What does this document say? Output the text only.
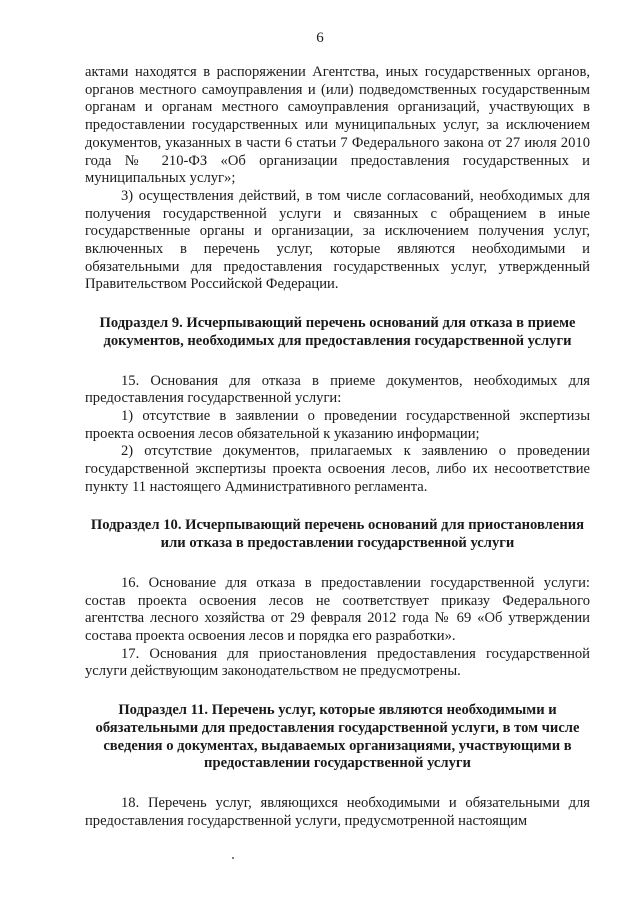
6

актами находятся в распоряжении Агентства, иных государственных органов, органов местного самоуправления и (или) подведомственных государственным органам и органам местного самоуправления организаций, участвующих в предоставлении государственных или муниципальных услуг, за исключением документов, указанных в части 6 статьи 7 Федерального закона от 27 июля 2010 года № 210-ФЗ «Об организации предоставления государственных и муниципальных услуг»;

3) осуществления действий, в том числе согласований, необходимых для получения государственной услуги и связанных с обращением в иные государственные органы и организации, за исключением получения услуг, включенных в перечень услуг, которые являются необходимыми и обязательными для предоставления государственных услуг, утвержденный Правительством Российской Федерации.

Подраздел 9. Исчерпывающий перечень оснований для отказа в приеме документов, необходимых для предоставления государственной услуги

15. Основания для отказа в приеме документов, необходимых для предоставления государственной услуги:

1) отсутствие в заявлении о проведении государственной экспертизы проекта освоения лесов обязательной к указанию информации;

2) отсутствие документов, прилагаемых к заявлению о проведении государственной экспертизы проекта освоения лесов, либо их несоответствие пункту 11 настоящего Административного регламента.

Подраздел 10. Исчерпывающий перечень оснований для приостановления или отказа в предоставлении государственной услуги

16. Основание для отказа в предоставлении государственной услуги: состав проекта освоения лесов не соответствует приказу Федерального агентства лесного хозяйства от 29 февраля 2012 года № 69 «Об утверждении состава проекта освоения лесов и порядка его разработки».

17. Основания для приостановления предоставления государственной услуги действующим законодательством не предусмотрены.

Подраздел 11. Перечень услуг, которые являются необходимыми и обязательными для предоставления государственной услуги, в том числе сведения о документах, выдаваемых организациями, участвующими в предоставлении государственной услуги

18. Перечень услуг, являющихся необходимыми и обязательными для предоставления государственной услуги, предусмотренной настоящим
